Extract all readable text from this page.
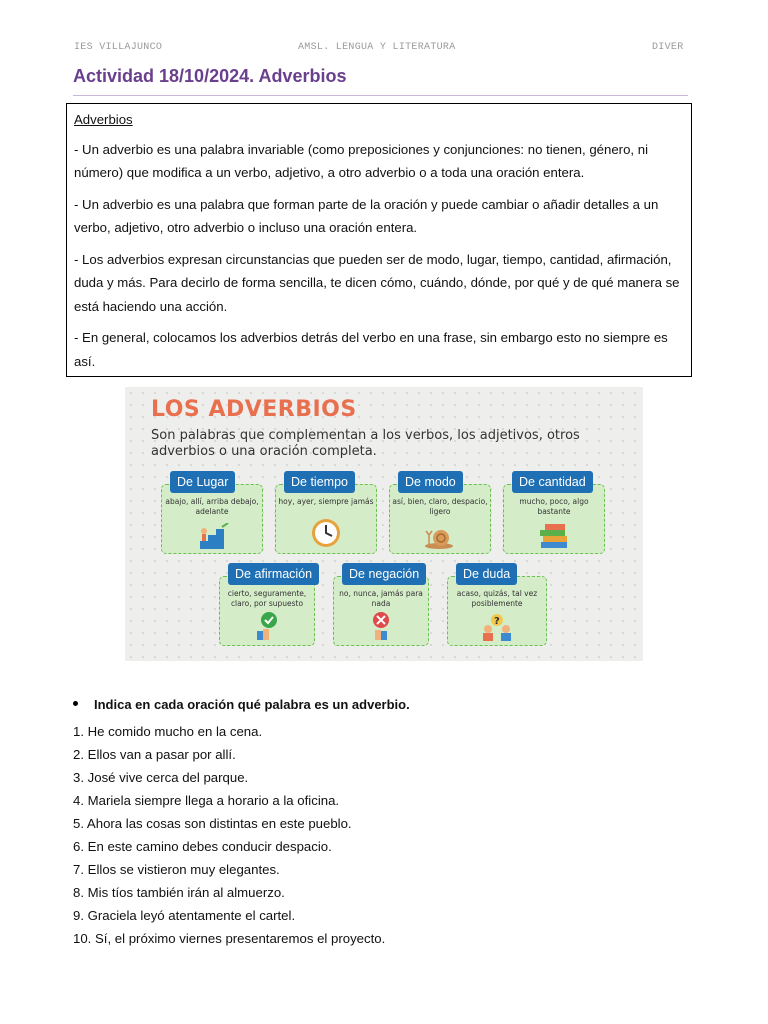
IES VILLAJUNCO	AMSL. LENGUA Y LITERATURA	DIVER
Actividad 18/10/2024. Adverbios
Adverbios

- Un adverbio es una palabra invariable (como preposiciones y conjunciones: no tienen, género, ni número) que modifica a un verbo, adjetivo, a otro adverbio o a toda una oración entera.

- Un adverbio es una palabra que forman parte de la oración y puede cambiar o añadir detalles a un verbo, adjetivo, otro adverbio o incluso una oración entera.

- Los adverbios expresan circunstancias que pueden ser de modo, lugar, tiempo, cantidad, afirmación, duda y más. Para decirlo de forma sencilla, te dicen cómo, cuándo, dónde, por qué y de qué manera se está haciendo una acción.

- En general, colocamos los adverbios detrás del verbo en una frase, sin embargo esto no siempre es así.

LOS ADVERBIOS
Son palabras que complementan a los verbos, los adjetivos, otros adverbios o una oración completa.
De Lugar
abajo, allí, arriba debajo, adelante
De tiempo
hoy, ayer, siempre jamás
De modo
así, bien, claro, despacio, ligero
De cantidad
mucho, poco, algo bastante
De afirmación
cierto, seguramente, claro, por supuesto
De negación
no, nunca, jamás para nada
De duda
acaso, quizás, tal vez posiblemente
?
Indica en cada oración qué palabra es un adverbio.
1. He comido mucho en la cena.
2. Ellos van a pasar por allí.
3. José vive cerca del parque.
4. Mariela siempre llega a horario a la oficina.
5. Ahora las cosas son distintas en este pueblo.
6. En este camino debes conducir despacio.
7. Ellos se vistieron muy elegantes.
8. Mis tíos también irán al almuerzo.
9. Graciela leyó atentamente el cartel.
10. Sí, el próximo viernes presentaremos el proyecto.
